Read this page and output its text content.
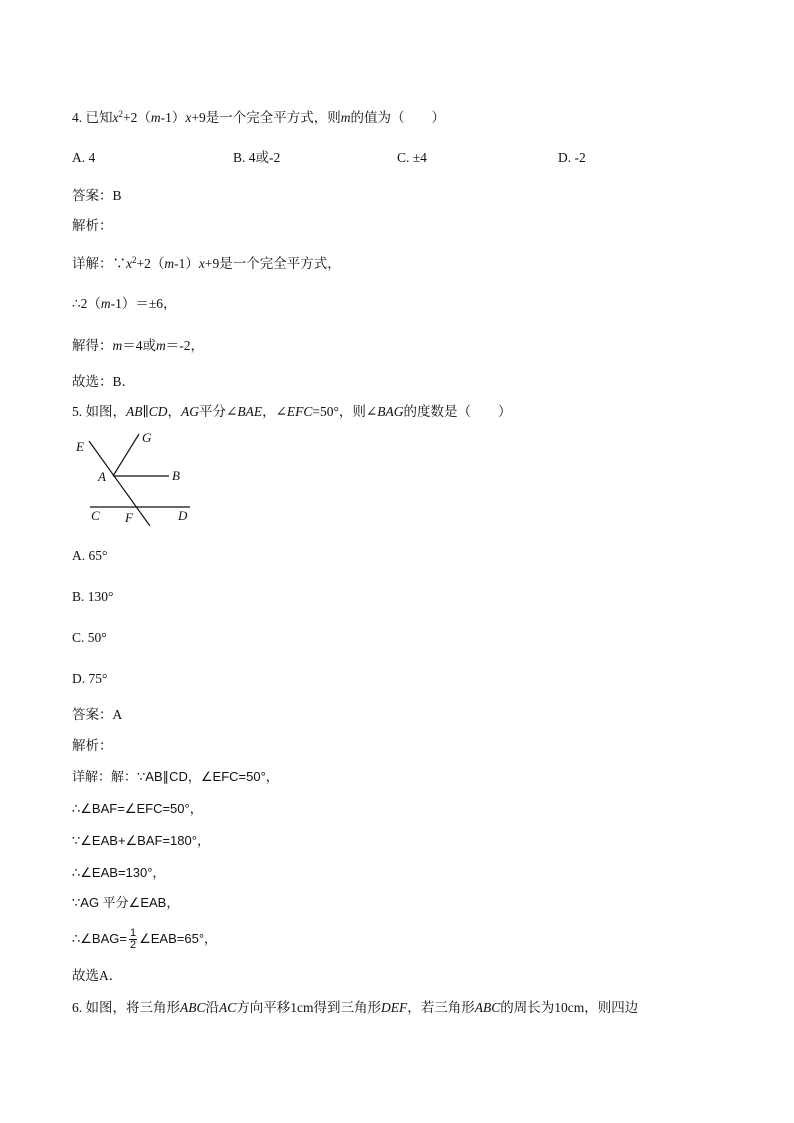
4. 已知$x^2+2(m-1)x+9$是一个完全平方式，则m的值为（　　）
A. 4	B. 4或-2	C. ±4	D. -2
答案：B
解析：
详解：$\because x^2+2(m-1)x+9$是一个完全平方式，
∴2（m-1）＝±6，
解得：m＝4或m＝-2，
故选：B．
5. 如图，AB∥CD，AG平分∠BAE，∠EFC=50°，则∠BAG的度数是（　　）
E
G
A	B
C F	D
A. 65°
B. 130°
C. 50°
D. 75°
答案：A
解析：
详解：解：∵AB∥CD，∠EFC=50°，
∴∠BAF=∠EFC=50°，
∵∠EAB+∠BAF=180°，
∴∠EAB=130°，
∵AG 平分∠EAB，
∴∠BAG= $\frac{1}{2}$ ∠EAB=65°，
故选A．
6. 如图，将三角形ABC沿AC方向平移1cm得到三角形DEF，若三角形ABC的周长为10cm，则四边
